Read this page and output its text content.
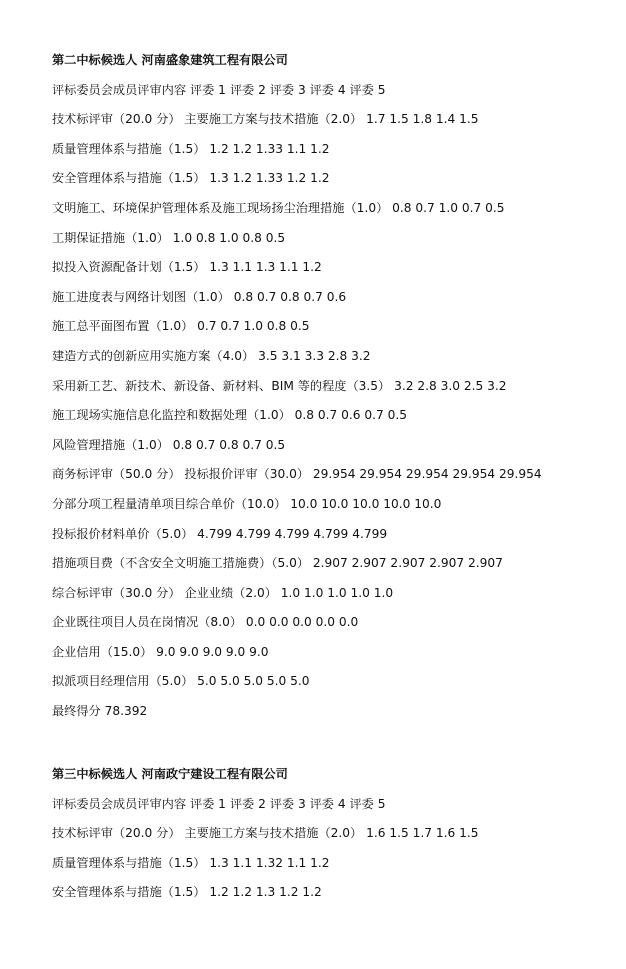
第二中标候选人 河南盛象建筑工程有限公司
评标委员会成员评审内容 评委 1 评委 2 评委 3 评委 4 评委 5
技术标评审（20.0 分） 主要施工方案与技术措施（2.0） 1.7 1.5 1.8 1.4 1.5
质量管理体系与措施（1.5） 1.2 1.2 1.33 1.1 1.2
安全管理体系与措施（1.5） 1.3 1.2 1.33 1.2 1.2
文明施工、环境保护管理体系及施工现场扬尘治理措施（1.0） 0.8 0.7 1.0 0.7 0.5
工期保证措施（1.0） 1.0 0.8 1.0 0.8 0.5
拟投入资源配备计划（1.5） 1.3 1.1 1.3 1.1 1.2
施工进度表与网络计划图（1.0） 0.8 0.7 0.8 0.7 0.6
施工总平面图布置（1.0） 0.7 0.7 1.0 0.8 0.5
建造方式的创新应用实施方案（4.0） 3.5 3.1 3.3 2.8 3.2
采用新工艺、新技术、新设备、新材料、BIM 等的程度（3.5） 3.2 2.8 3.0 2.5 3.2
施工现场实施信息化监控和数据处理（1.0） 0.8 0.7 0.6 0.7 0.5
风险管理措施（1.0） 0.8 0.7 0.8 0.7 0.5
商务标评审（50.0 分） 投标报价评审（30.0） 29.954 29.954 29.954 29.954 29.954
分部分项工程量清单项目综合单价（10.0） 10.0 10.0 10.0 10.0 10.0
投标报价材料单价（5.0） 4.799 4.799 4.799 4.799 4.799
措施项目费（不含安全文明施工措施费）（5.0） 2.907 2.907 2.907 2.907 2.907
综合标评审（30.0 分） 企业业绩（2.0） 1.0 1.0 1.0 1.0 1.0
企业既往项目人员在岗情况（8.0） 0.0 0.0 0.0 0.0 0.0
企业信用（15.0） 9.0 9.0 9.0 9.0 9.0
拟派项目经理信用（5.0） 5.0 5.0 5.0 5.0 5.0
最终得分 78.392
第三中标候选人 河南政宁建设工程有限公司
评标委员会成员评审内容 评委 1 评委 2 评委 3 评委 4 评委 5
技术标评审（20.0 分） 主要施工方案与技术措施（2.0） 1.6 1.5 1.7 1.6 1.5
质量管理体系与措施（1.5） 1.3 1.1 1.32 1.1 1.2
安全管理体系与措施（1.5） 1.2 1.2 1.3 1.2 1.2
